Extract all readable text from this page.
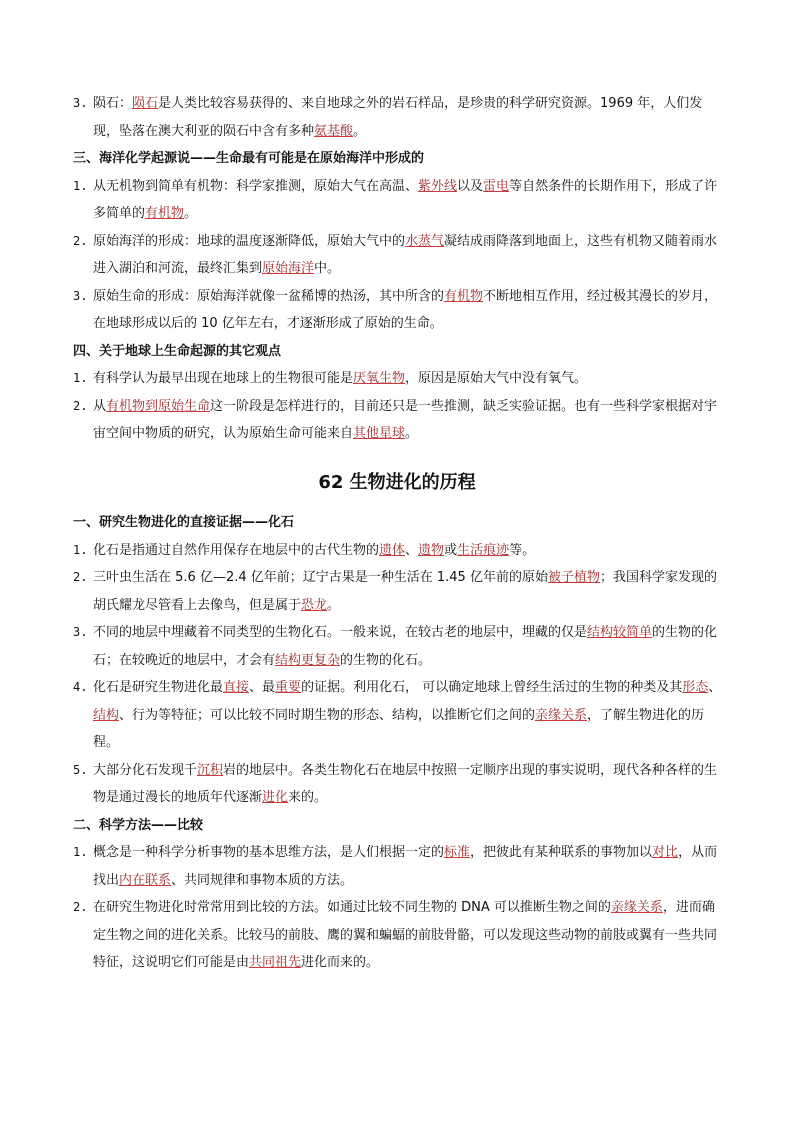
3. 陨石：陨石是人类比较容易获得的、来自地球之外的岩石样品，是珍贵的科学研究资源。1969 年，人们发现，坠落在澳大利亚的陨石中含有多种氨基酸。
三、海洋化学起源说——生命最有可能是在原始海洋中形成的
1. 从无机物到简单有机物：科学家推测，原始大气在高温、紫外线以及雷电等自然条件的长期作用下，形成了许多简单的有机物。
2. 原始海洋的形成：地球的温度逐渐降低，原始大气中的水蒸气凝结成雨降落到地面上，这些有机物又随着雨水进入湖泊和河流，最终汇集到原始海洋中。
3. 原始生命的形成：原始海洋就像一盆稀博的热汤，其中所含的有机物不断地相互作用，经过极其漫长的岁月，在地球形成以后的 10 亿年左右，才逐渐形成了原始的生命。
四、关于地球上生命起源的其它观点
1. 有科学认为最早出现在地球上的生物很可能是厌氧生物，原因是原始大气中没有氧气。
2. 从有机物到原始生命这一阶段是怎样进行的，目前还只是一些推测，缺乏实验证据。也有一些科学家根据对宇宙空间中物质的研究，认为原始生命可能来自其他星球。
62 生物进化的历程
一、研究生物进化的直接证据——化石
1. 化石是指通过自然作用保存在地层中的古代生物的遗体、遗物或生活痕迹等。
2. 三叶虫生活在 5.6 亿—2.4 亿年前；辽宁古果是一种生活在 1.45 亿年前的原始被子植物；我国科学家发现的胡氏耀龙尽管看上去像鸟，但是属于恐龙。
3. 不同的地层中埋藏着不同类型的生物化石。一般来说，在较古老的地层中，埋藏的仅是结构较简单的生物的化石；在较晚近的地层中，才会有结构更复杂的生物的化石。
4. 化石是研究生物进化最直接、最重要的证据。利用化石， 可以确定地球上曾经生活过的生物的种类及其形态、结构、行为等特征；可以比较不同时期生物的形态、结构，以推断它们之间的亲缘关系，了解生物进化的历程。
5. 大部分化石发现千沉积岩的地层中。各类生物化石在地层中按照一定顺序出现的事实说明，现代各种各样的生物是通过漫长的地质年代逐渐进化来的。
二、科学方法——比较
1. 概念是一种科学分析事物的基本思维方法，是人们根据一定的标准，把彼此有某种联系的事物加以对比，从而找出内在联系、共同规律和事物本质的方法。
2. 在研究生物进化时常常用到比较的方法。如通过比较不同生物的 DNA 可以推断生物之间的亲缘关系，进而确定生物之间的进化关系。比较马的前肢、鹰的翼和蝙蝠的前肢骨骼，可以发现这些动物的前肢或翼有一些共同特征，这说明它们可能是由共同祖先进化而来的。
